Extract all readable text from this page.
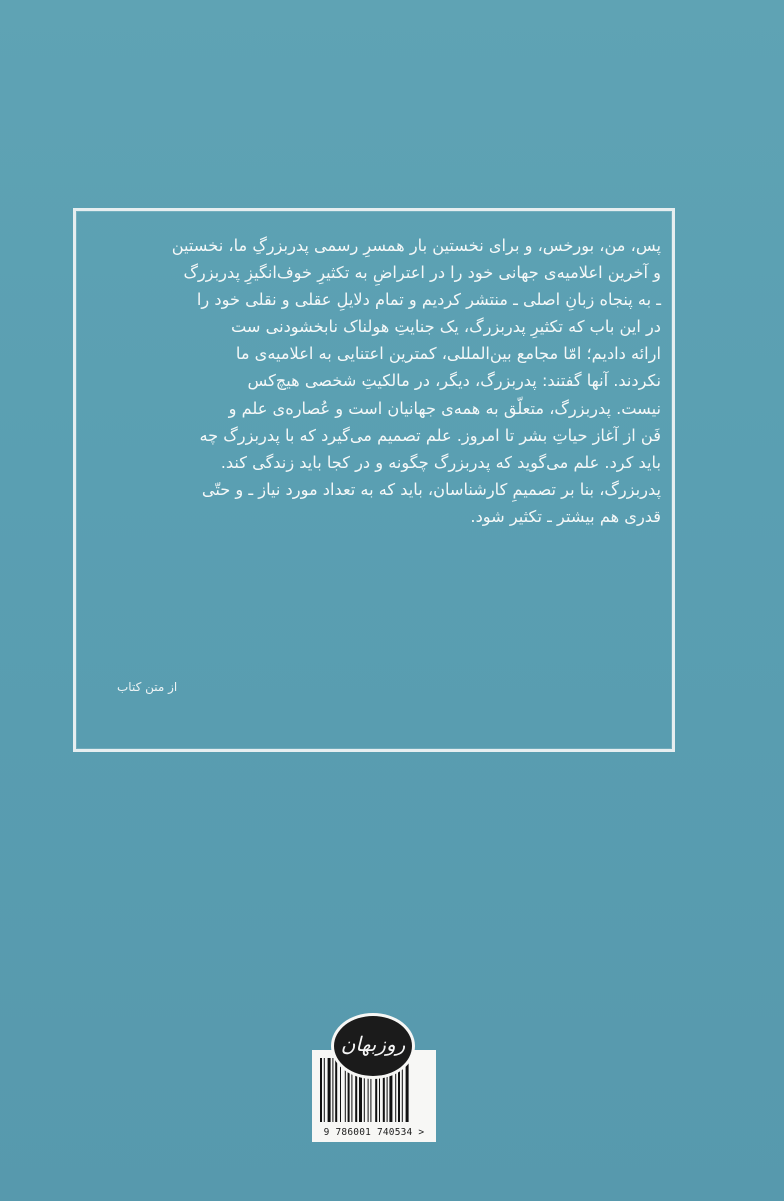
پس، من، بورخس، و برای نخستین بار همسرِ رسمی پدربزرگِ ما، نخستین
و آخرین اعلامیه‌ی جهانی خود را در اعتراضِ به تکثیرِ خوف‌انگیزِ پدربزرگ
ـ به پنجاه زبانِ اصلی ـ منتشر کردیم و تمام دلایلِ عقلی و نقلی خود را
در این باب که تکثیرِ پدربزرگ، یک جنایتِ هولناک نابخشودنی ست
ارائه دادیم؛ امّا مجامع بین‌المللی، کمترین اعتنایی به اعلامیه‌ی ما
نکردند. آنها گفتند: پدربزرگ، دیگر، در مالکیتِ شخصی هیچ‌کس
نیست. پدربزرگ، متعلّق به همه‌ی جهانیان است و عُصاره‌ی علم و
فَن از آغاز حیاتِ بشر تا امروز. علم تصمیم می‌گیرد که با پدربزرگ چه
باید کرد. علم می‌گوید که پدربزرگ چگونه و در کجا باید زندگی کند.
پدربزرگ، بنا بر تصمیمِ کارشناسان، باید که به تعداد مورد نیاز ـ و حتّی
قدری هم بیشتر ـ تکثیر شود.
از متن کتاب
9 786001 740534 >
روزبهان
